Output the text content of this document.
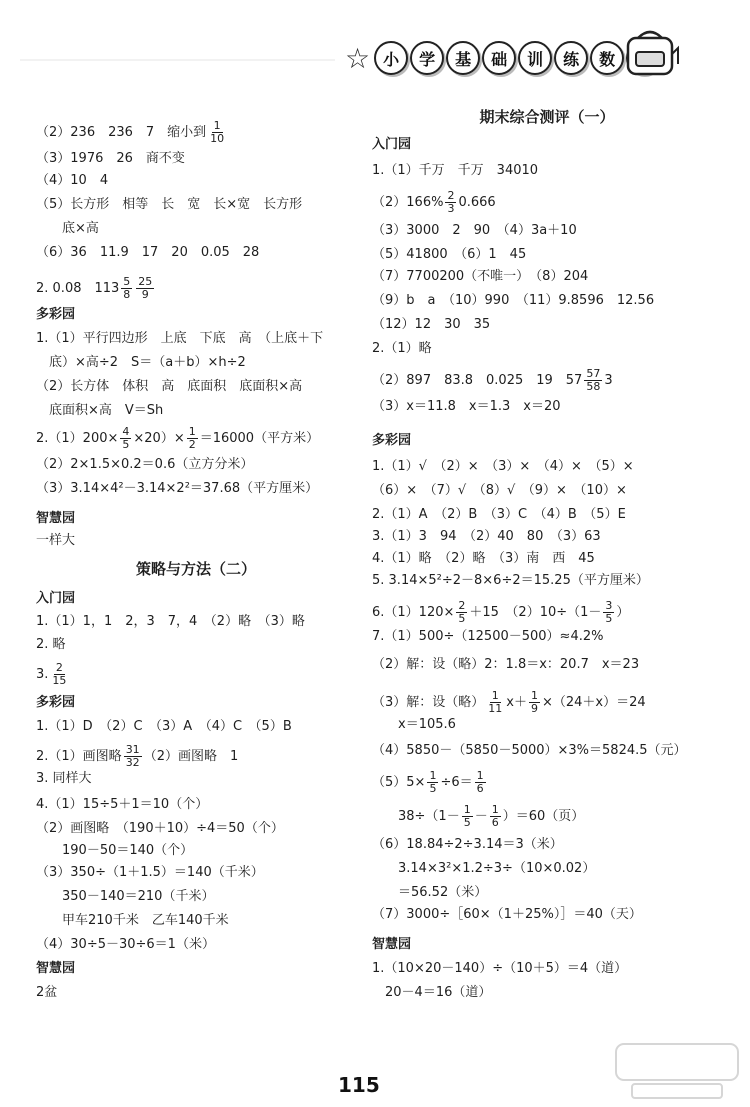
☆ 小	学	基	础	训	练	数
（2）236　236　7　缩小到 $\frac{1}{10}$
（3）1976　26　商不变
（4）10　4
（5）长方形　相等　长　宽　长×宽　长方形
　　底×高
（6）36　11.9　17　20　0.05　28
2. 0.08　$113 \frac{5}{8} \frac{25}{9}$
多彩园
1.（1）平行四边形　上底　下底　高　（上底＋下
　底）×高÷2　S＝（a＋b）×h÷2
（2）长方体　体积　高　底面积　底面积×高
　底面积×高　V＝Sh
$2.(1)200\times \frac{4}{5} \times 20)\times \frac{1}{2} =16000$（平方米）
（2）2×1.5×0.2＝0.6（立方分米）
（3）3.14×4²－3.14×2²＝37.68（平方厘米）
智慧园
一样大
策略与方法（二）
入门园
1.（1）1，1　2，3　7，4　（2）略　（3）略
2. 略
3. $\frac{2}{15}$
多彩园
1.（1）D　（2）C　（3）A　（4）C　（5）B
2.（1）画图略 $\frac{31}{32} (2)$画图略　1
3. 同样大
4.（1）15÷5＋1＝10（个）
（2）画图略　（190＋10）÷4＝50（个）
　　190－50＝140（个）
（3）350÷（1＋1.5）＝140（千米）
　　350－140＝210（千米）
　　甲车210千米　乙车140千米
（4）30÷5－30÷6＝1（米）
智慧园
2盆
期末综合测评（一）
入门园
1.（1）千万　千万　34010
$(2)166\% \frac{2}{3} 0.666$
（3）3000　2　90　（4）3a＋10
（5）41800　（6）1　45
（7）7700200（不唯一）　（8）204
（9）b　a　（10）990　（11）9.8596　12.56
（12）12　30　35
2.（1）略
（2）897　83.8　0.025　19　$57 \frac{57}{58} 3$
（3）x＝11.8　x＝1.3　x＝20
多彩园
1.（1）√　（2）×　（3）×　（4）×　（5）×
（6）×　（7）√　（8）√　（9）×　（10）×
2.（1）A　（2）B　（3）C　（4）B　（5）E
3.（1）3　94　（2）40　80　（3）63
4.（1）略　（2）略　（3）南　西　45
5. 3.14×5²÷2－8×6÷2＝15.25（平方厘米）
$6.(1)120\times \frac{2}{5} +15$　$(2)10\div(1- \frac{3}{5}$ ）
7.（1）500÷（12500－500）≈4.2%
（2）解：设（略）2：1.8＝x：20.7　x＝23
（3）解：设（略） $\frac{1}{11} x+ \frac{1}{9} \times(24+x)=24$
　　x＝105.6
（4）5850－（5850－5000）×3%＝5824.5（元）
$(5)5\times \frac{1}{5} \div 6= \frac{1}{6}$
　　$38\div(1- \frac{1}{5} - \frac{1}{6} )=60$（页）
（6）18.84÷2÷3.14＝3（米）
　　3.14×3²×1.2÷3÷（10×0.02）
　　＝56.52（米）
（7）3000÷［60×（1＋25%）］＝40（天）
智慧园
1.（10×20－140）÷（10＋5）＝4（道）
　20－4＝16（道）
115
